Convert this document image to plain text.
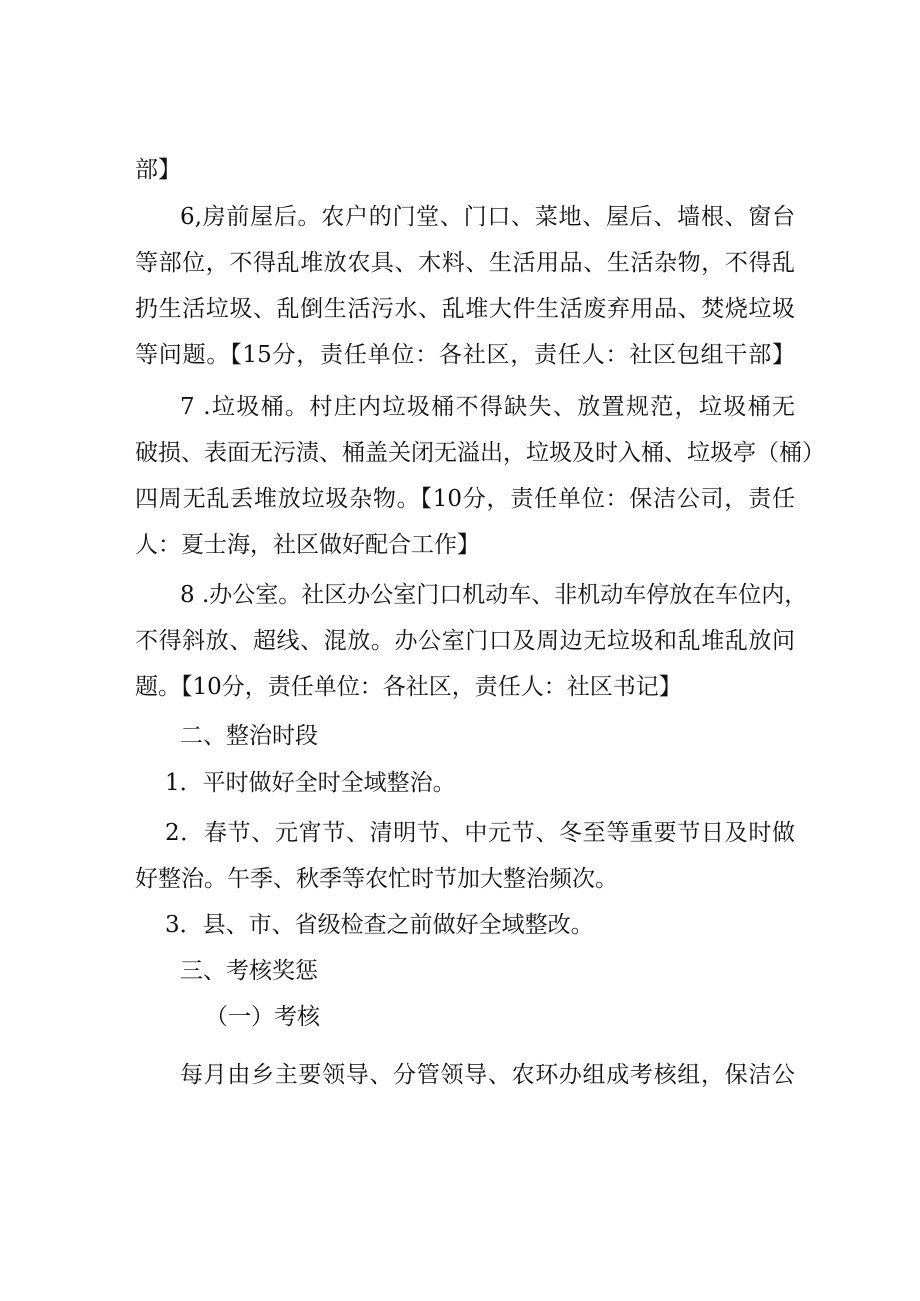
部】
6,房前屋后。农户的门堂、门口、菜地、屋后、墙根、窗台
等部位，不得乱堆放农具、木料、生活用品、生活杂物，不得乱
扔生活垃圾、乱倒生活污水、乱堆大件生活废弃用品、焚烧垃圾
等问题。【15分，责任单位：各社区，责任人：社区包组干部】
7 .垃圾桶。村庄内垃圾桶不得缺失、放置规范，垃圾桶无
破损、表面无污渍、桶盖关闭无溢出，垃圾及时入桶、垃圾亭（桶）
四周无乱丢堆放垃圾杂物。【10分，责任单位：保洁公司，责任
人：夏士海，社区做好配合工作】
8 .办公室。社区办公室门口机动车、非机动车停放在车位内，
不得斜放、超线、混放。办公室门口及周边无垃圾和乱堆乱放问
题。【10分，责任单位：各社区，责任人：社区书记】
二、整治时段
1．平时做好全时全域整治。
2．春节、元宵节、清明节、中元节、冬至等重要节日及时做
好整治。午季、秋季等农忙时节加大整治频次。
3．县、市、省级检查之前做好全域整改。
三、考核奖惩
（一）考核
每月由乡主要领导、分管领导、农环办组成考核组，保洁公
